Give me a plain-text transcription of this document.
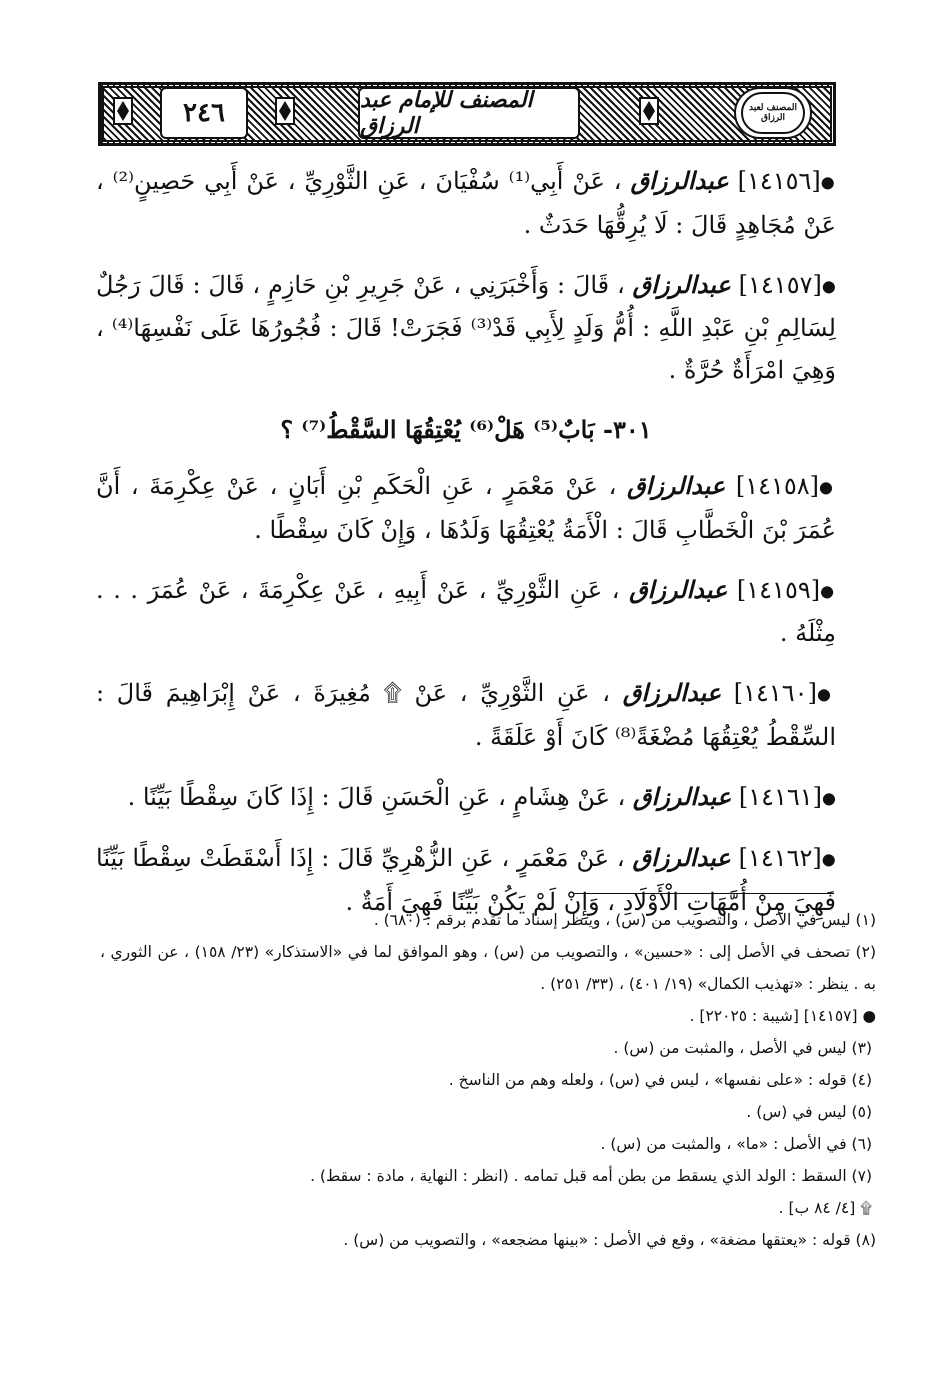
٢٤٦	المصنف للإمام عبد الرزاق
المصنف لعبد الرزاق

●[١٤١٥٦] عبدالرزاق ، عَنْ أَبِي⁽¹⁾ سُفْيَانَ ، عَنِ الثَّوْرِيِّ ، عَنْ أَبِي حَصِينٍ⁽²⁾ ، عَنْ مُجَاهِدٍ قَالَ : لَا يُرِقُّهَا حَدَثٌ .

●[١٤١٥٧] عبدالرزاق ، قَالَ : وَأَخْبَرَنِي ، عَنْ جَرِيرِ بْنِ حَازِمٍ ، قَالَ : قَالَ رَجُلٌ لِسَالِمِ بْنِ عَبْدِ اللَّهِ : أُمُّ وَلَدٍ لِأَبِي قَدْ⁽³⁾ فَجَرَتْ! قَالَ : فُجُورُهَا عَلَى نَفْسِهَا⁽⁴⁾ ، وَهِيَ امْرَأَةٌ حُرَّةٌ .

٣٠١- بَابٌ⁽⁵⁾ هَلْ⁽⁶⁾ يُعْتِقُهَا السَّقْطُ⁽⁷⁾ ؟

●[١٤١٥٨] عبدالرزاق ، عَنْ مَعْمَرٍ ، عَنِ الْحَكَمِ بْنِ أَبَانٍ ، عَنْ عِكْرِمَةَ ، أَنَّ عُمَرَ بْنَ الْخَطَّابِ قَالَ : الْأَمَةُ يُعْتِقُهَا وَلَدُهَا ، وَإِنْ كَانَ سِقْطًا .

●[١٤١٥٩] عبدالرزاق ، عَنِ الثَّوْرِيِّ ، عَنْ أَبِيهِ ، عَنْ عِكْرِمَةَ ، عَنْ عُمَرَ . . . مِثْلَهُ .

●[١٤١٦٠] عبدالرزاق ، عَنِ الثَّوْرِيِّ ، عَنْ ۩ مُغِيرَةَ ، عَنْ إِبْرَاهِيمَ قَالَ : السِّقْطُ يُعْتِقُهَا مُضْغَةً⁽⁸⁾ كَانَ أَوْ عَلَقَةً .

●[١٤١٦١] عبدالرزاق ، عَنْ هِشَامٍ ، عَنِ الْحَسَنِ قَالَ : إِذَا كَانَ سِقْطًا بَيِّنًا .

●[١٤١٦٢] عبدالرزاق ، عَنْ مَعْمَرٍ ، عَنِ الزُّهْرِيِّ قَالَ : إِذَا أَسْقَطَتْ سِقْطًا بَيِّنًا فَهِيَ مِنْ أُمَّهَاتِ الْأَوْلَادِ ، وَإِنْ لَمْ يَكُنْ بَيِّنًا فَهِيَ أَمَةٌ .

(١) ليس في الأصل ، والتصويب من (س) ، وينظر إسناد ما تقدم برقم : (٦٨٠) .

(٢) تصحف في الأصل إلى : «حسين» ، والتصويب من (س) ، وهو الموافق لما في «الاستذكار» (٢٣/ ١٥٨) ، عن الثوري ، به . ينظر : «تهذيب الكمال» (١٩/ ٤٠١) ، (٣٣/ ٢٥١) .

● [١٤١٥٧] [شيبة : ٢٢٠٢٥] .

(٣) ليس في الأصل ، والمثبت من (س) .

(٤) قوله : «على نفسها» ، ليس في (س) ، ولعله وهم من الناسخ .

(٥) ليس في (س) .

(٦) في الأصل : «ما» ، والمثبت من (س) .

(٧) السقط : الولد الذي يسقط من بطن أمه قبل تمامه . (انظر : النهاية ، مادة : سقط) .

۩ [٤/ ٨٤ ب] .

(٨) قوله : «يعتقها مضغة» ، وقع في الأصل : «بينها مضجعه» ، والتصويب من (س) .
